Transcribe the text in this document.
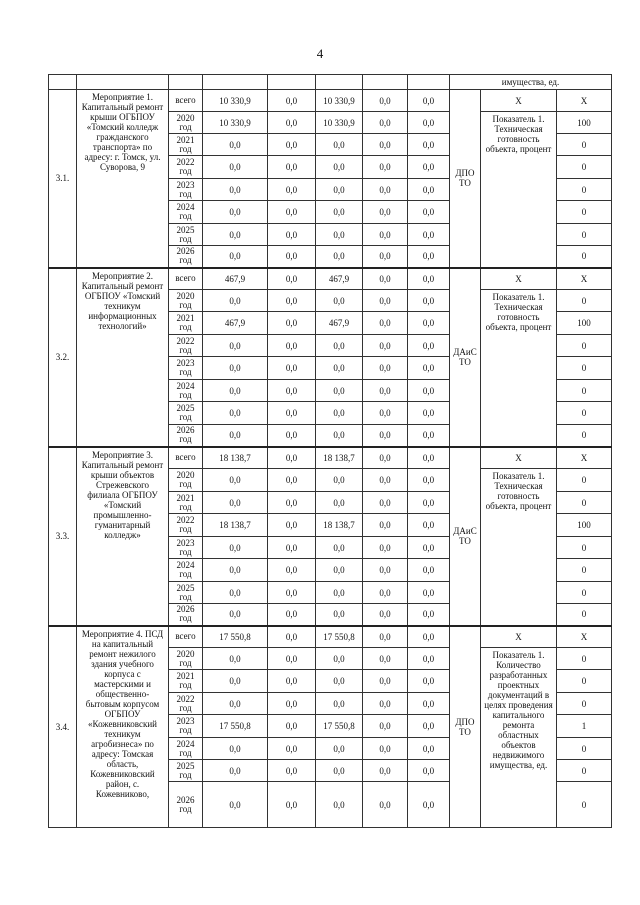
4
								имущества, ед.		
3.1.	Мероприятие 1. Капитальный ремонт крыши ОГБПОУ «Томский колледж гражданского транспорта» по адресу: г. Томск, ул. Суворова, 9	всего	10 330,9	0,0	10 330,9	0,0	0,0	ДПО ТО	Х	Х
		2020 год	10 330,9	0,0	10 330,9	0,0	0,0		Показатель 1. Техническая готовность объекта, процент	100
		2021 год	0,0	0,0	0,0	0,0	0,0			0
		2022 год	0,0	0,0	0,0	0,0	0,0			0
		2023 год	0,0	0,0	0,0	0,0	0,0			0
		2024 год	0,0	0,0	0,0	0,0	0,0			0
		2025 год	0,0	0,0	0,0	0,0	0,0			0
		2026 год	0,0	0,0	0,0	0,0	0,0			0
3.2.	Мероприятие 2. Капитальный ремонт ОГБПОУ «Томский техникум информационных технологий»	всего	467,9	0,0	467,9	0,0	0,0	ДАиС ТО	Х	Х
		2020 год	0,0	0,0	0,0	0,0	0,0		Показатель 1. Техническая готовность объекта, процент	0
		2021 год	467,9	0,0	467,9	0,0	0,0			100
		2022 год	0,0	0,0	0,0	0,0	0,0			0
		2023 год	0,0	0,0	0,0	0,0	0,0			0
		2024 год	0,0	0,0	0,0	0,0	0,0			0
		2025 год	0,0	0,0	0,0	0,0	0,0			0
		2026 год	0,0	0,0	0,0	0,0	0,0			0
3.3.	Мероприятие 3. Капитальный ремонт крыши объектов Стрежевского филиала ОГБПОУ «Томский промышленно-гуманитарный колледж»	всего	18 138,7	0,0	18 138,7	0,0	0,0	ДАиС ТО	Х	Х
		2020 год	0,0	0,0	0,0	0,0	0,0		Показатель 1. Техническая готовность объекта, процент	0
		2021 год	0,0	0,0	0,0	0,0	0,0			0
		2022 год	18 138,7	0,0	18 138,7	0,0	0,0			100
		2023 год	0,0	0,0	0,0	0,0	0,0			0
		2024 год	0,0	0,0	0,0	0,0	0,0			0
		2025 год	0,0	0,0	0,0	0,0	0,0			0
		2026 год	0,0	0,0	0,0	0,0	0,0			0
3.4.	Мероприятие 4. ПСД на капитальный ремонт нежилого здания учебного корпуса с мастерскими и общественно-бытовым корпусом ОГБПОУ «Кожевниковский техникум агробизнеса» по адресу: Томская область, Кожевниковский район, с. Кожевниково,	всего	17 550,8	0,0	17 550,8	0,0	0,0	ДПО ТО	Х	Х
		2020 год	0,0	0,0	0,0	0,0	0,0		Показатель 1. Количество разработанных проектных документаций в целях проведения капитального ремонта областных объектов недвижимого имущества, ед.	0
		2021 год	0,0	0,0	0,0	0,0	0,0			0
		2022 год	0,0	0,0	0,0	0,0	0,0			0
		2023 год	17 550,8	0,0	17 550,8	0,0	0,0			1
		2024 год	0,0	0,0	0,0	0,0	0,0			0
		2025 год	0,0	0,0	0,0	0,0	0,0			0
		2026 год	0,0	0,0	0,0	0,0	0,0			0
